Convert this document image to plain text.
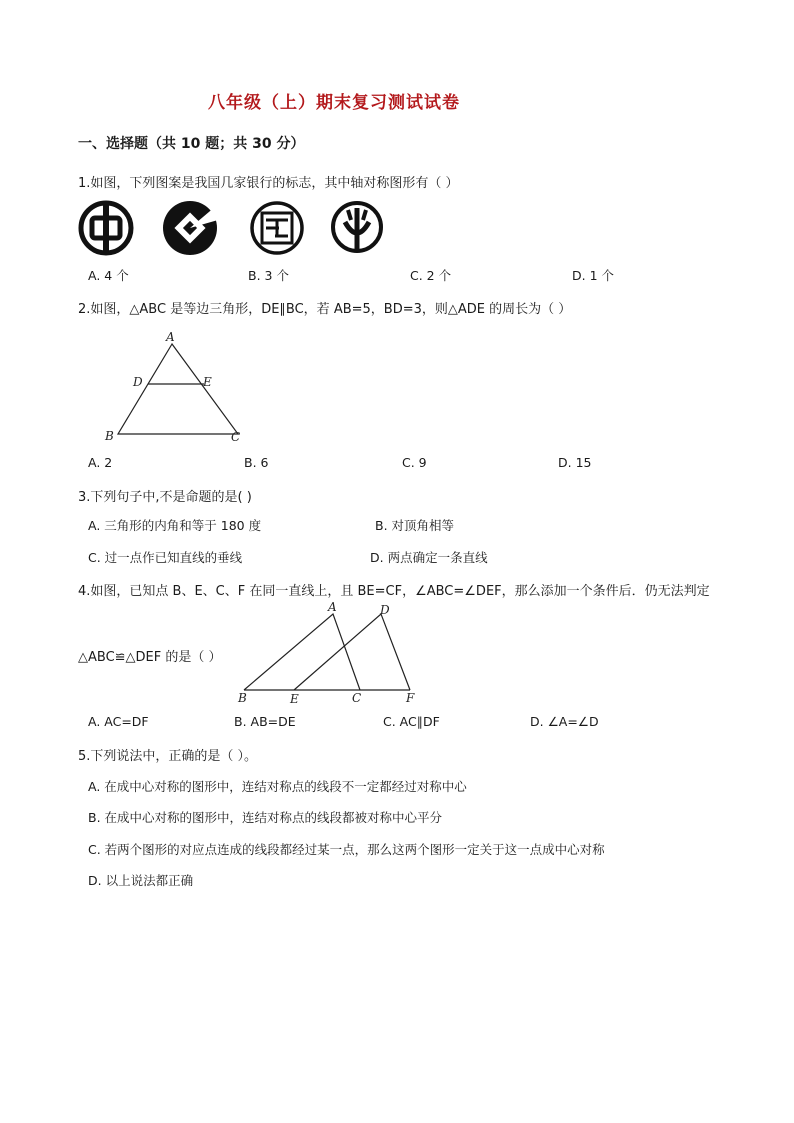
八年级（上）期末复习测试试卷
一、选择题（共 10 题；共 30 分）
1.如图，下列图案是我国几家银行的标志，其中轴对称图形有（ ）
A. 4 个	B. 3 个	C. 2 个	D. 1 个
2.如图，△ABC 是等边三角形，DE∥BC，若 AB=5，BD=3，则△ADE 的周长为（ ）
A
D	E
B	C
A. 2	B. 6	C. 9	D. 15
3.下列句子中,不是命题的是( )
A. 三角形的内角和等于 180 度	B. 对顶角相等
C. 过一点作已知直线的垂线	D. 两点确定一条直线
4.如图，已知点 B、E、C、F 在同一直线上，且 BE=CF，∠ABC=∠DEF，那么添加一个条件后．仍无法判定
△ABC≌△DEF 的是（ ）
A	D
B	E	C	F
A. AC=DF	B. AB=DE	C. AC∥DF	D. ∠A=∠D
5.下列说法中，正确的是（ ）。
A. 在成中心对称的图形中，连结对称点的线段不一定都经过对称中心
B. 在成中心对称的图形中，连结对称点的线段都被对称中心平分
C. 若两个图形的对应点连成的线段都经过某一点，那么这两个图形一定关于这一点成中心对称
D. 以上说法都正确
